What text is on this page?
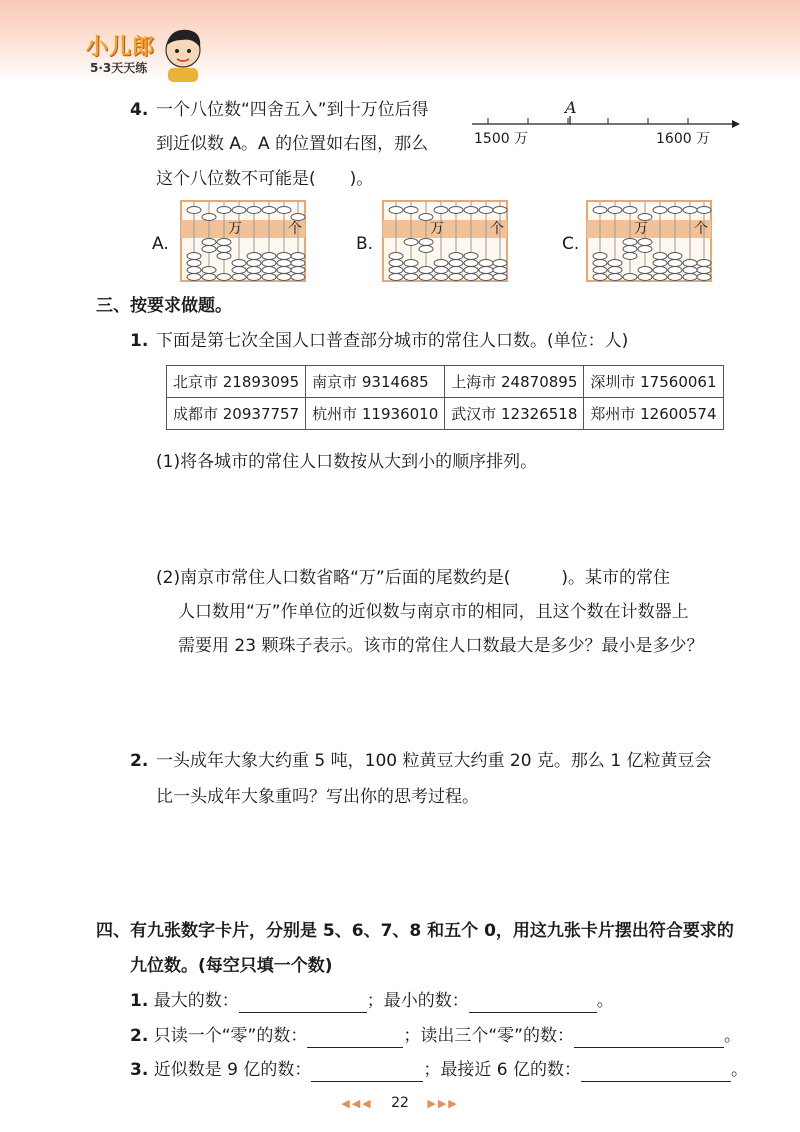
小儿郎
5·3天天练
4. 一个八位数“四舍五入”到十万位后得
到近似数 A。A 的位置如右图，那么
这个八位数不可能是(　　)。
A
1500 万	1600 万
A.	B.	C.
万	个	万	个	万	个
三、按要求做题。
1. 下面是第七次全国人口普查部分城市的常住人口数。(单位：人)
北京市 21893095	南京市 9314685	上海市 24870895	深圳市 17560061
成都市 20937757	杭州市 11936010	武汉市 12326518	郑州市 12600574
(1)将各城市的常住人口数按从大到小的顺序排列。
(2)南京市常住人口数省略“万”后面的尾数约是(　　　)。某市的常住
人口数用“万”作单位的近似数与南京市的相同，且这个数在计数器上
需要用 23 颗珠子表示。该市的常住人口数最大是多少？最小是多少？
2. 一头成年大象大约重 5 吨，100 粒黄豆大约重 20 克。那么 1 亿粒黄豆会
比一头成年大象重吗？写出你的思考过程。
四、有九张数字卡片，分别是 5、6、7、8 和五个 0，用这九张卡片摆出符合要求的
九位数。(每空只填一个数)
1. 最大的数：	；最小的数：	。
2. 只读一个“零”的数：	；读出三个“零”的数：	。
3. 近似数是 9 亿的数：	；最接近 6 亿的数：	。
◀◀◀ 22 ▶▶▶
